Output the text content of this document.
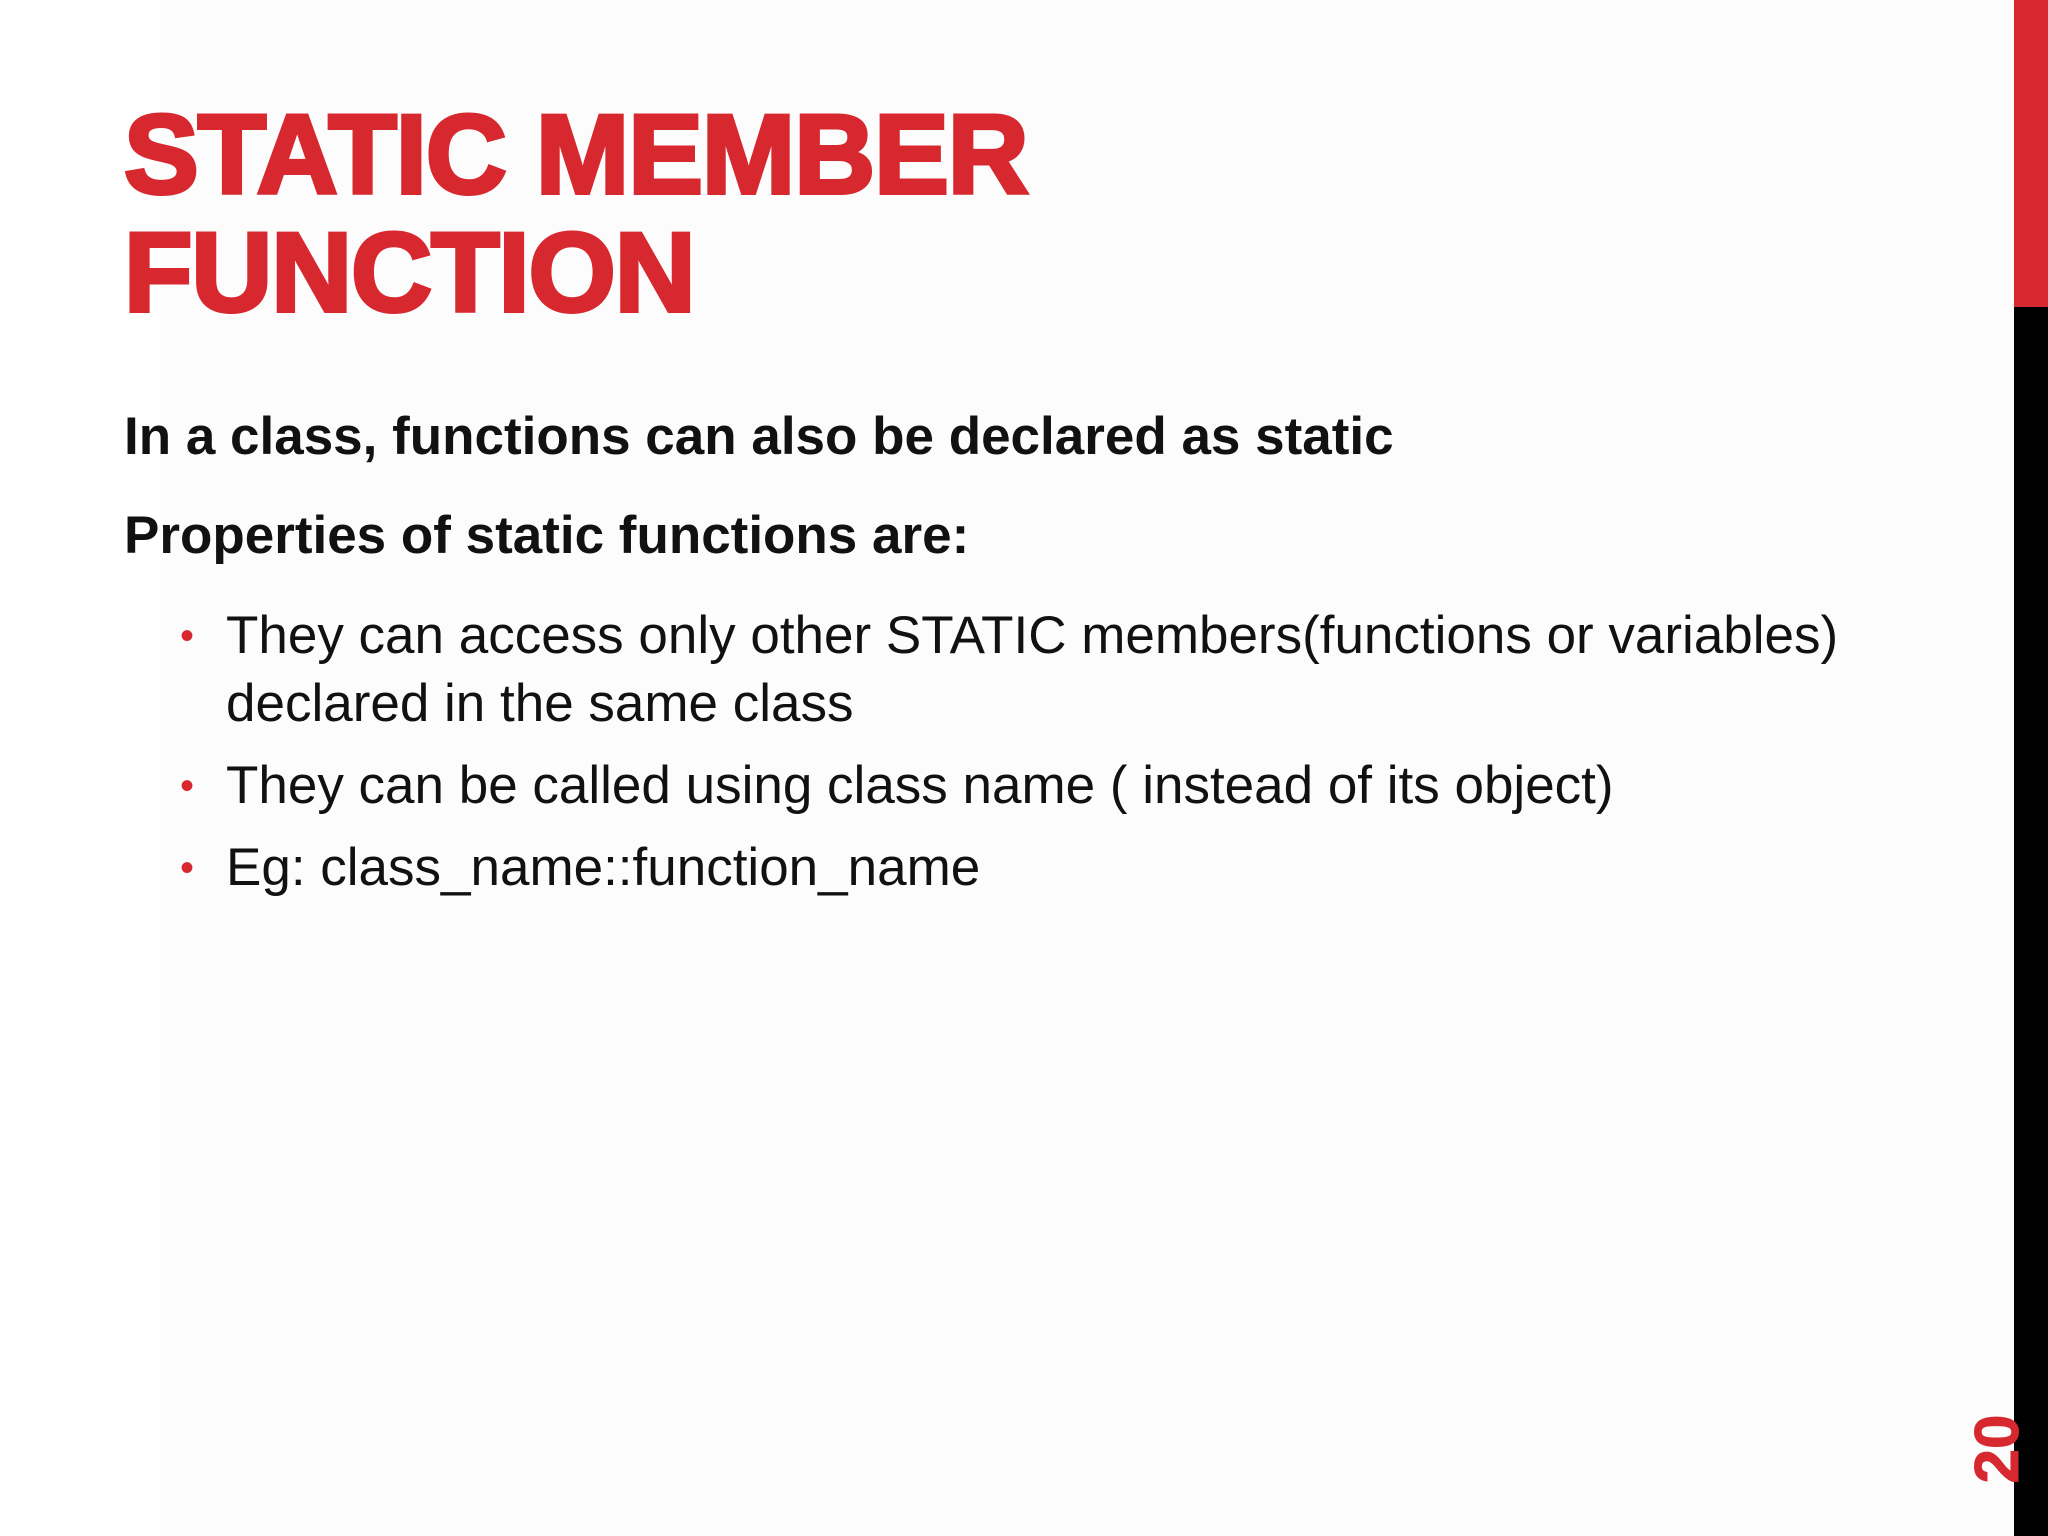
STATIC MEMBER
FUNCTION

In a class, functions can also be declared as static

Properties of static functions are:

• They can access only other STATIC members(functions or variables) declared in the same class
• They can be called using class name ( instead of its object)
• Eg: class_name::function_name
20
